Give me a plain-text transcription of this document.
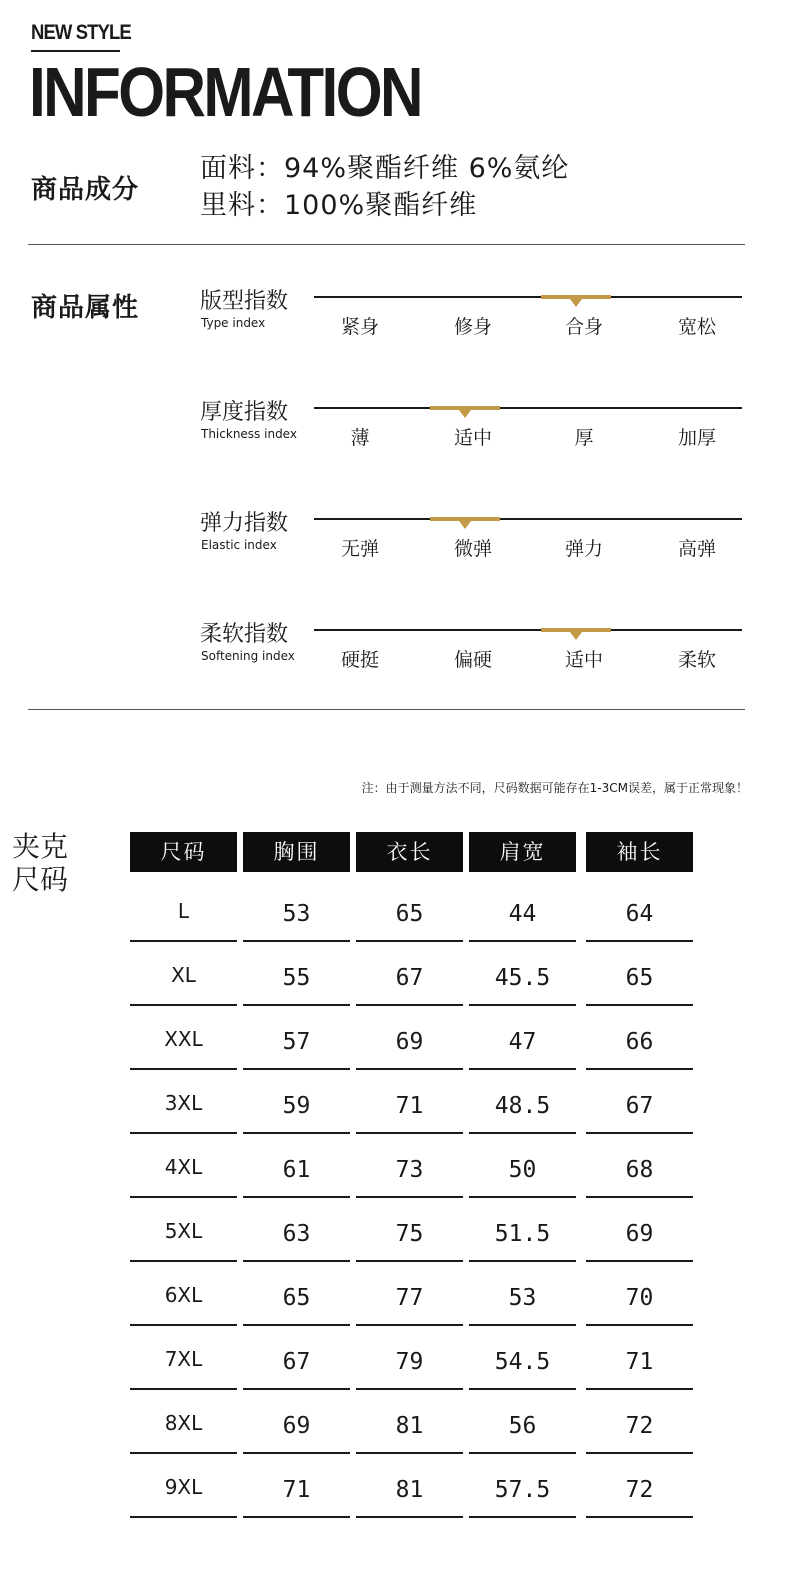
NEW STYLE
INFORMATION
商品成分
面料：94%聚酯纤维 6%氨纶
里料：100%聚酯纤维
商品属性	版型指数
Type index	紧身	修身	合身	宽松
厚度指数
Thickness index	薄	适中	厚	加厚
弹力指数
Elastic index	无弹	微弹	弹力	高弹
柔软指数
Softening index	硬挺	偏硬	适中	柔软
注：由于测量方法不同，尺码数据可能存在1-3CM误差，属于正常现象！
夹克尺码
尺码	胸围	衣长	肩宽	袖长
L	53	65	44	64
XL	55	67	45.5	65
XXL	57	69	47	66
3XL	59	71	48.5	67
4XL	61	73	50	68
5XL	63	75	51.5	69
6XL	65	77	53	70
7XL	67	79	54.5	71
8XL	69	81	56	72
9XL	71	81	57.5	72
